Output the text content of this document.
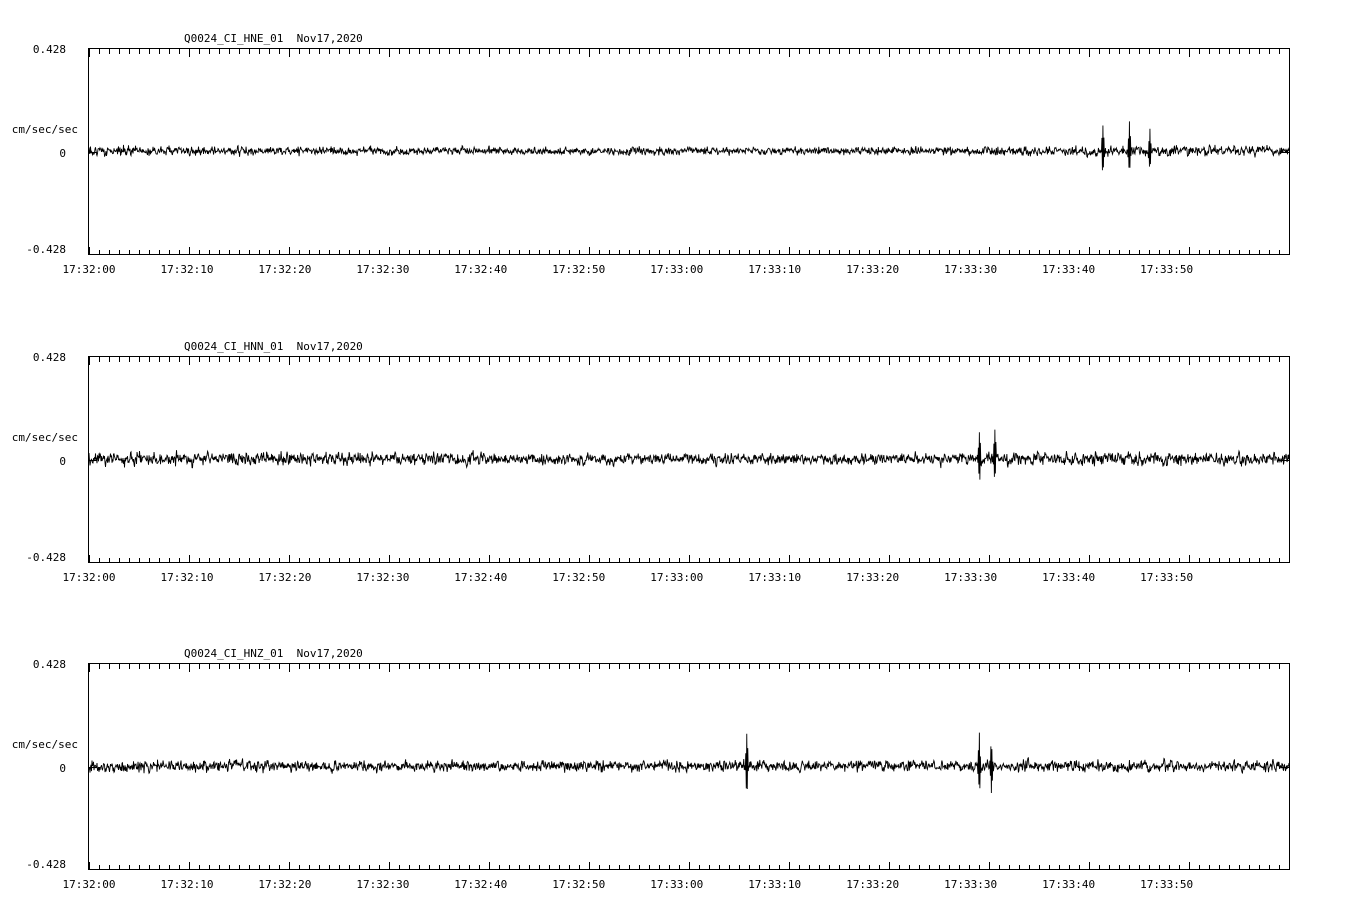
Q0024_CI_HNE_01  Nov17,2020
cm/sec/sec
0.428
0
-0.428
17:32:00	17:32:10	17:32:20	17:32:30	17:32:40	17:32:50	17:33:00	17:33:10	17:33:20	17:33:30	17:33:40	17:33:50
Q0024_CI_HNN_01  Nov17,2020
cm/sec/sec
0.428
0
-0.428
17:32:00	17:32:10	17:32:20	17:32:30	17:32:40	17:32:50	17:33:00	17:33:10	17:33:20	17:33:30	17:33:40	17:33:50
Q0024_CI_HNZ_01  Nov17,2020
cm/sec/sec
0.428
0
-0.428
17:32:00	17:32:10	17:32:20	17:32:30	17:32:40	17:32:50	17:33:00	17:33:10	17:33:20	17:33:30	17:33:40	17:33:50
